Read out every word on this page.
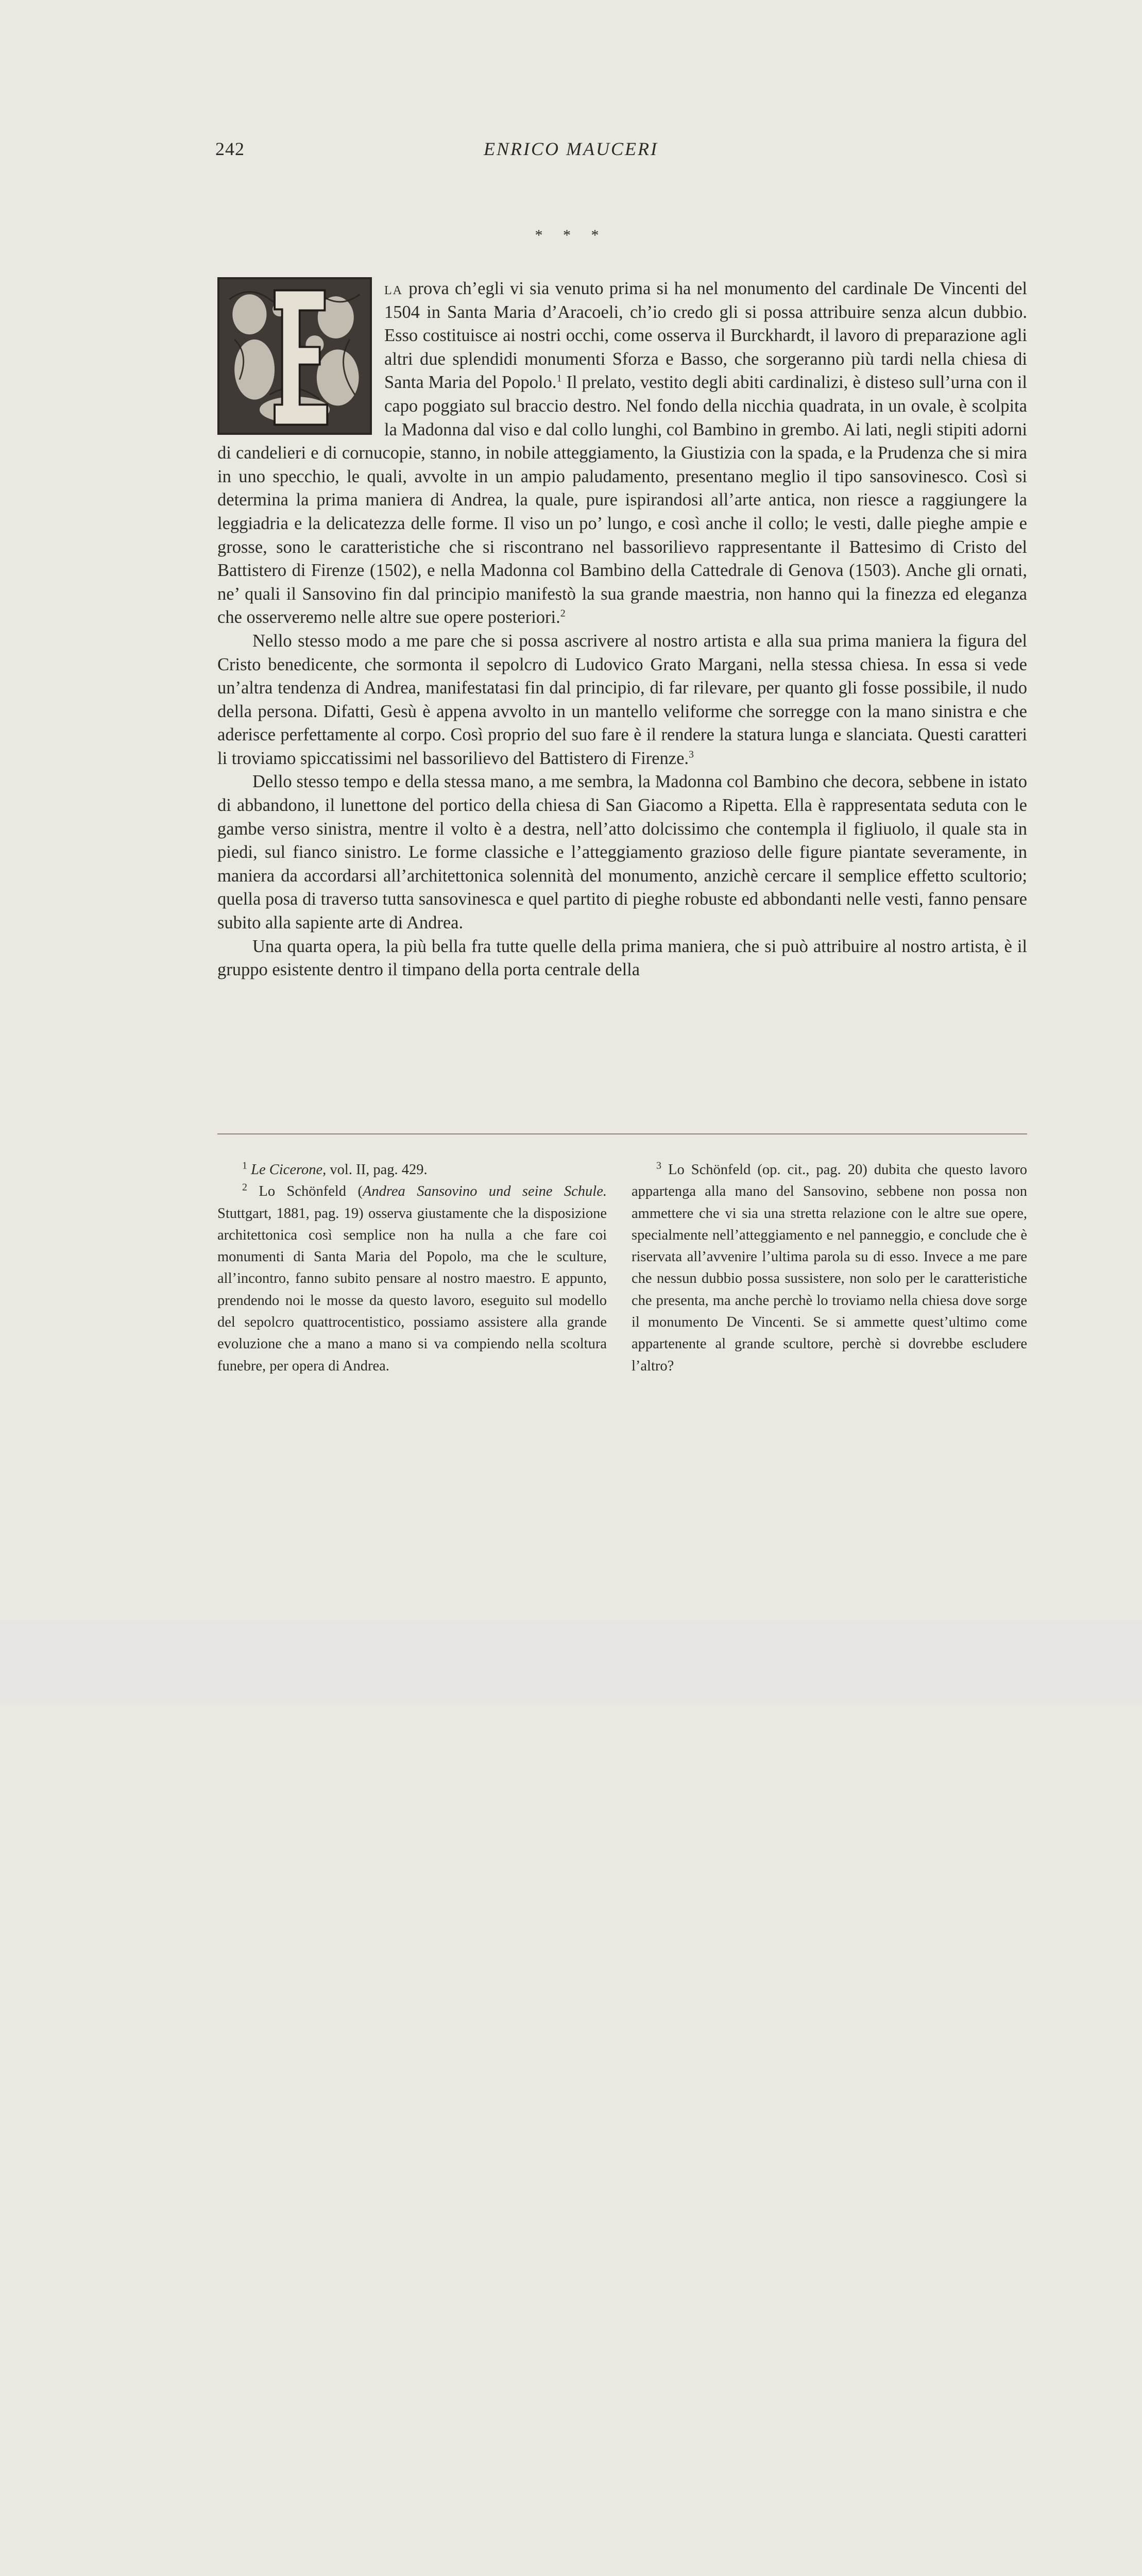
242	ENRICO MAUCERI
* * *

la prova ch’egli vi sia venuto prima si ha nel monumento del cardinale De Vincenti del 1504 in Santa Maria d’Aracoeli, ch’io credo gli si possa attribuire senza alcun dubbio. Esso costituisce ai nostri occhi, come osserva il Burckhardt, il lavoro di preparazione agli altri due splendidi monumenti Sforza e Basso, che sorgeranno più tardi nella chiesa di Santa Maria del Popolo.$^1$ Il prelato, vestito degli abiti cardinalizi, è disteso sull’urna con il capo poggiato sul braccio destro. Nel fondo della nicchia quadrata, in un ovale, è scolpita la Madonna dal viso e dal collo lunghi, col Bambino in grembo. Ai lati, negli stipiti adorni di candelieri e di cornucopie, stanno, in nobile atteggiamento, la Giustizia con la spada, e la Prudenza che si mira in uno specchio, le quali, avvolte in un ampio paludamento, presentano meglio il tipo sansovinesco. Così si determina la prima maniera di Andrea, la quale, pure ispirandosi all’arte antica, non riesce a raggiungere la leggiadria e la delicatezza delle forme. Il viso un po’ lungo, e così anche il collo; le vesti, dalle pieghe ampie e grosse, sono le caratteristiche che si riscontrano nel bassorilievo rappresentante il Battesimo di Cristo del Battistero di Firenze (1502), e nella Madonna col Bambino della Cattedrale di Genova (1503). Anche gli ornati, ne’ quali il Sansovino fin dal principio manifestò la sua grande maestria, non hanno qui la finezza ed eleganza che osserveremo nelle altre sue opere posteriori.$^2$

Nello stesso modo a me pare che si possa ascrivere al nostro artista e alla sua prima maniera la figura del Cristo benedicente, che sormonta il sepolcro di Ludovico Grato Margani, nella stessa chiesa. In essa si vede un’altra tendenza di Andrea, manifestatasi fin dal principio, di far rilevare, per quanto gli fosse possibile, il nudo della persona. Difatti, Gesù è appena avvolto in un mantello veliforme che sorregge con la mano sinistra e che aderisce perfettamente al corpo. Così proprio del suo fare è il rendere la statura lunga e slanciata. Questi caratteri li troviamo spiccatissimi nel bassorilievo del Battistero di Firenze.$^3$

Dello stesso tempo e della stessa mano, a me sembra, la Madonna col Bambino che decora, sebbene in istato di abbandono, il lunettone del portico della chiesa di San Giacomo a Ripetta. Ella è rappresentata seduta con le gambe verso sinistra, mentre il volto è a destra, nell’atto dolcissimo che contempla il figliuolo, il quale sta in piedi, sul fianco sinistro. Le forme classiche e l’atteggiamento grazioso delle figure piantate severamente, in maniera da accordarsi all’architettonica solennità del monumento, anzichè cercare il semplice effetto scultorio; quella posa di traverso tutta sansovinesca e quel partito di pieghe robuste ed abbondanti nelle vesti, fanno pensare subito alla sapiente arte di Andrea.

Una quarta opera, la più bella fra tutte quelle della prima maniera, che si può attribuire al nostro artista, è il gruppo esistente dentro il timpano della porta centrale della

$^1$ Le Cicerone, vol. II, pag. 429.

$^2$ Lo Schönfeld (Andrea Sansovino und seine Schule. Stuttgart, 1881, pag. 19) osserva giustamente che la disposizione architettonica così semplice non ha nulla a che fare coi monumenti di Santa Maria del Popolo, ma che le sculture, all’incontro, fanno subito pensare al nostro maestro. E appunto, prendendo noi le mosse da questo lavoro, eseguito sul modello del sepolcro quattrocentistico, possiamo assistere alla grande evoluzione che a mano a mano si va compiendo nella scoltura funebre, per opera di Andrea.

$^3$ Lo Schönfeld (op. cit., pag. 20) dubita che questo lavoro appartenga alla mano del Sansovino, sebbene non possa non ammettere che vi sia una stretta relazione con le altre sue opere, specialmente nell’atteggiamento e nel panneggio, e conclude che è riservata all’avvenire l’ultima parola su di esso. Invece a me pare che nessun dubbio possa sussistere, non solo per le caratteristiche che presenta, ma anche perchè lo troviamo nella chiesa dove sorge il monumento De Vincenti. Se si ammette quest’ultimo come appartenente al grande scultore, perchè si dovrebbe escludere l’altro?
